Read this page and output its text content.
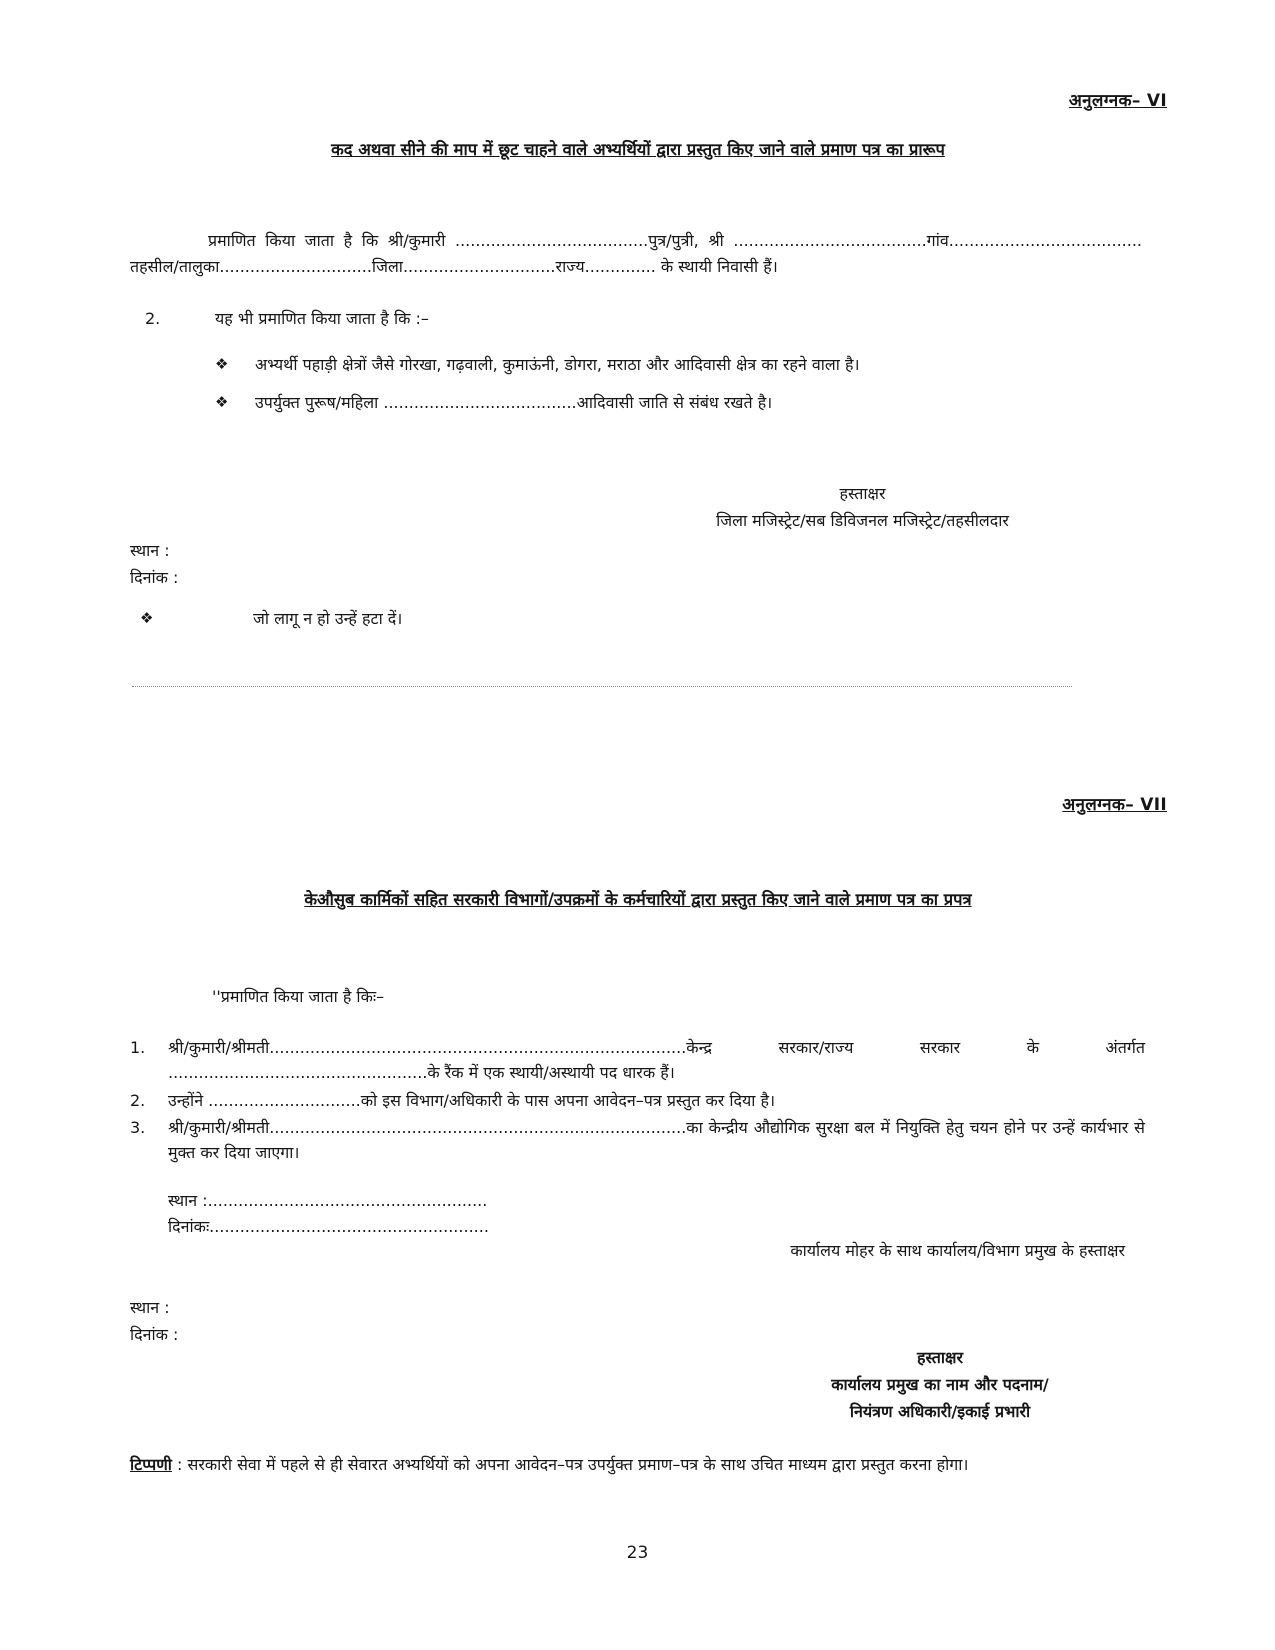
अनुलग्नक– VI
कद अथवा सीने की माप में छूट चाहने वाले अभ्यर्थियों द्वारा प्रस्तुत किए जाने वाले प्रमाण पत्र का प्रारूप
प्रमाणित किया जाता है कि श्री/कुमारी ......................................पुत्र/पुत्री, श्री ......................................गांव...................................... तहसील/तालुका..............................जिला..............................राज्य.............. के स्थायी निवासी हैं।
2.	यह भी प्रमाणित किया जाता है कि :–
❖	अभ्यर्थी पहाड़ी क्षेत्रों जैसे गोरखा, गढ़वाली, कुमाऊंनी, डोगरा, मराठा और आदिवासी क्षेत्र का रहने वाला है।
❖	उपर्युक्त पुरूष/महिला ......................................आदिवासी जाति से संबंध रखते है।
हस्ताक्षर
जिला मजिस्ट्रेट/सब डिविजनल मजिस्ट्रेट/तहसीलदार
स्थान :
दिनांक :
❖	जो लागू न हो उन्हें हटा दें।
अनुलग्नक– VII
केऔसुब कार्मिकों सहित सरकारी विभागों/उपक्रमों के कर्मचारियों द्वारा प्रस्तुत किए जाने वाले प्रमाण पत्र का प्रपत्र
''प्रमाणित किया जाता है किः–
1.	श्री/कुमारी/श्रीमती..................................................................................केन्द्र सरकार/राज्य सरकार के अंतर्गत ...................................................के रैंक में एक स्थायी/अस्थायी पद धारक हैं।
2.	उन्होंने ..............................को इस विभाग/अधिकारी के पास अपना आवेदन–पत्र प्रस्तुत कर दिया है।
3.	श्री/कुमारी/श्रीमती..................................................................................का केन्द्रीय औद्योगिक सुरक्षा बल में नियुक्ति हेतु चयन होने पर उन्हें कार्यभार से मुक्त कर दिया जाएगा।
स्थान :.......................................................
दिनांकः.......................................................
कार्यालय मोहर के साथ कार्यालय/विभाग प्रमुख के हस्ताक्षर
स्थान :
दिनांक :
हस्ताक्षर
कार्यालय प्रमुख का नाम और पदनाम/
नियंत्रण अधिकारी/इकाई प्रभारी
टिप्पणी : सरकारी सेवा में पहले से ही सेवारत अभ्यर्थियों को अपना आवेदन–पत्र उपर्युक्त प्रमाण–पत्र के साथ उचित माध्यम द्वारा प्रस्तुत करना होगा।
23
